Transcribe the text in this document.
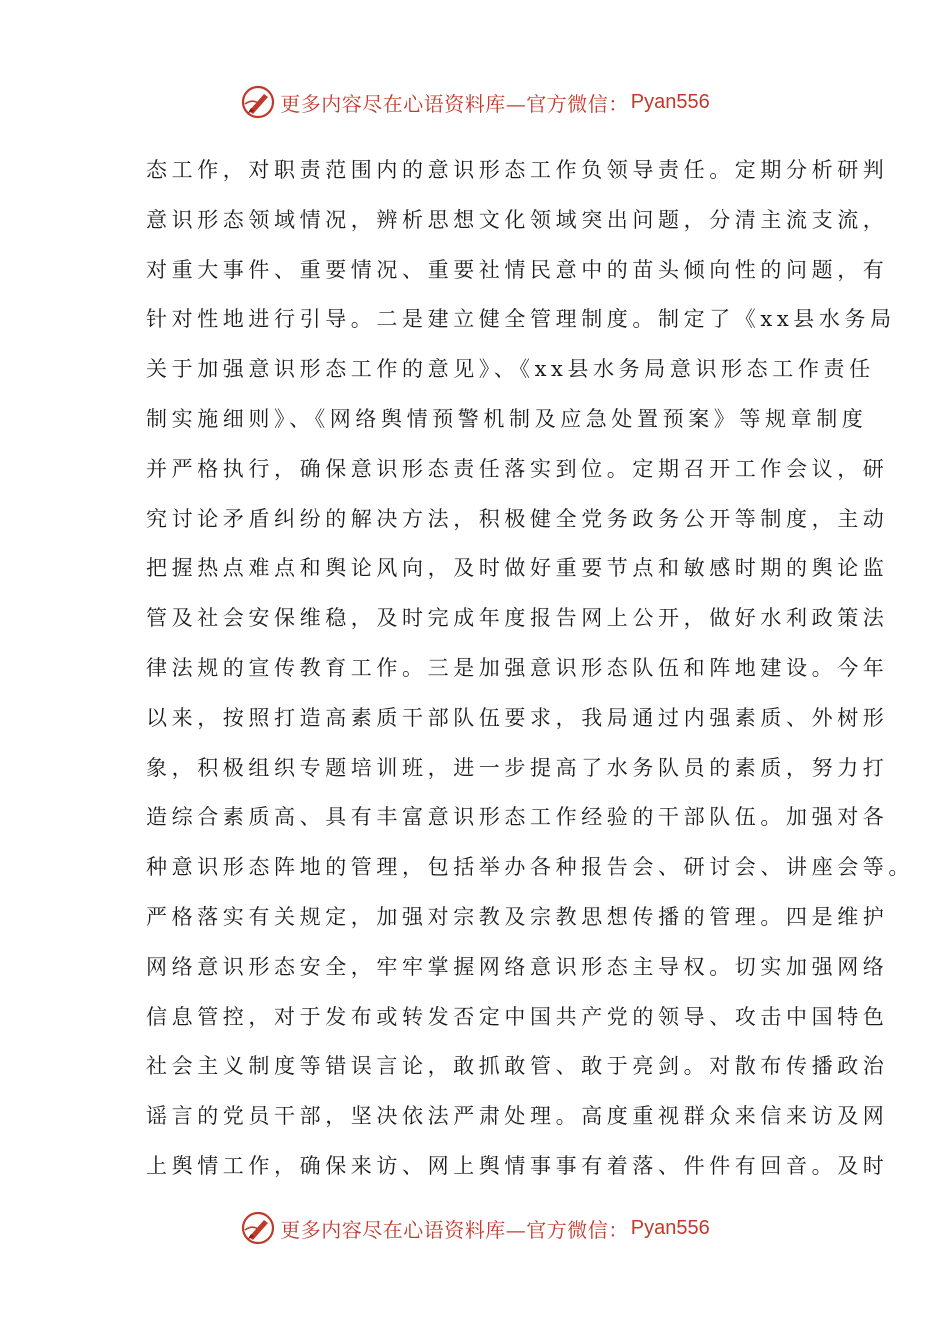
更多内容尽在心语资料库—官方微信： Pyan556
态工作，对职责范围内的意识形态工作负领导责任。定期分析研判
意识形态领域情况，辨析思想文化领域突出问题，分清主流支流，
对重大事件、重要情况、重要社情民意中的苗头倾向性的问题，有
针对性地进行引导。二是建立健全管理制度。制定了《xx县水务局
关于加强意识形态工作的意见》、《xx县水务局意识形态工作责任
制实施细则》、《网络舆情预警机制及应急处置预案》等规章制度
并严格执行，确保意识形态责任落实到位。定期召开工作会议，研
究讨论矛盾纠纷的解决方法，积极健全党务政务公开等制度，主动
把握热点难点和舆论风向，及时做好重要节点和敏感时期的舆论监
管及社会安保维稳，及时完成年度报告网上公开，做好水利政策法
律法规的宣传教育工作。三是加强意识形态队伍和阵地建设。今年
以来，按照打造高素质干部队伍要求，我局通过内强素质、外树形
象，积极组织专题培训班，进一步提高了水务队员的素质，努力打
造综合素质高、具有丰富意识形态工作经验的干部队伍。加强对各
种意识形态阵地的管理，包括举办各种报告会、研讨会、讲座会等。
严格落实有关规定，加强对宗教及宗教思想传播的管理。四是维护
网络意识形态安全，牢牢掌握网络意识形态主导权。切实加强网络
信息管控，对于发布或转发否定中国共产党的领导、攻击中国特色
社会主义制度等错误言论，敢抓敢管、敢于亮剑。对散布传播政治
谣言的党员干部，坚决依法严肃处理。高度重视群众来信来访及网
上舆情工作，确保来访、网上舆情事事有着落、件件有回音。及时
更多内容尽在心语资料库—官方微信： Pyan556
